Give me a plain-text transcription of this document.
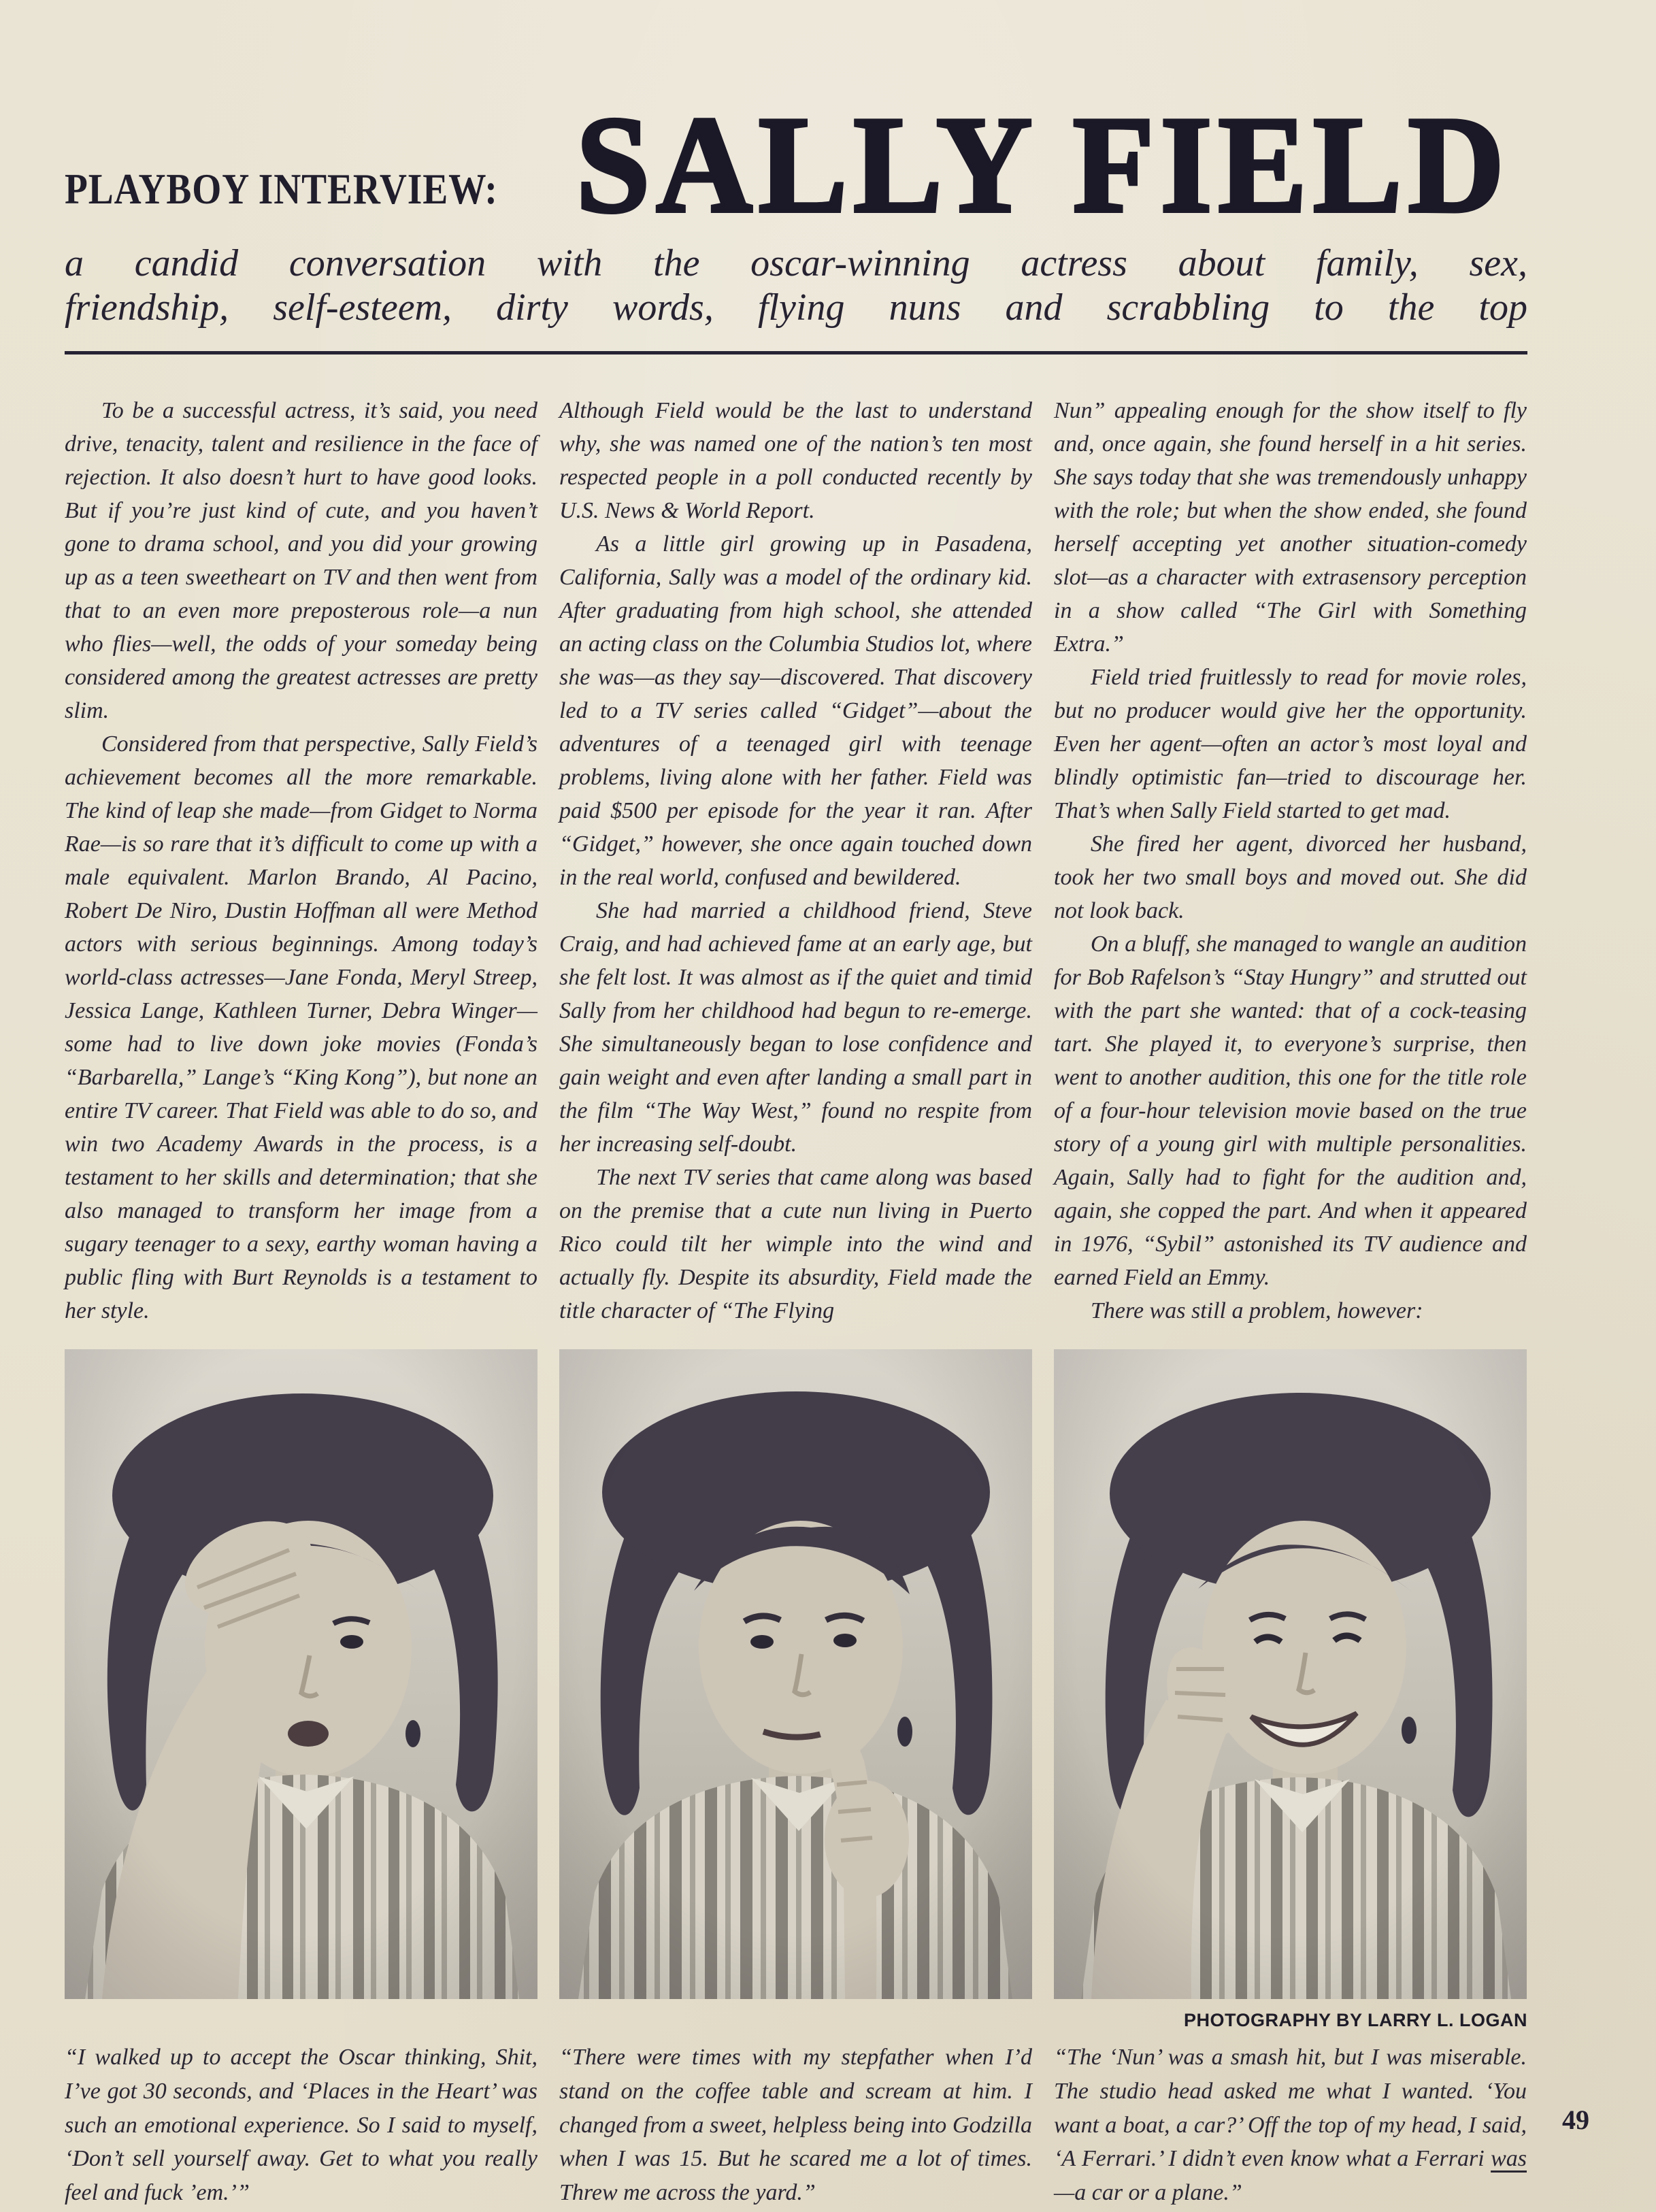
PLAYBOY INTERVIEW: SALLY FIELD
a candid conversation with the oscar-winning actress about family, sex,
friendship, self-esteem, dirty words, flying nuns and scrabbling to the top

To be a successful actress, it’s said, you need drive, tenacity, talent and resilience in the face of rejection. It also doesn’t hurt to have good looks. But if you’re just kind of cute, and you haven’t gone to drama school, and you did your growing up as a teen sweetheart on TV and then went from that to an even more preposterous role—a nun who flies—well, the odds of your someday being considered among the greatest actresses are pretty slim.

Considered from that perspective, Sally Field’s achievement becomes all the more remarkable. The kind of leap she made—from Gidget to Norma Rae—is so rare that it’s difficult to come up with a male equivalent. Marlon Brando, Al Pacino, Robert De Niro, Dustin Hoffman all were Method actors with serious beginnings. Among today’s world-class actresses—Jane Fonda, Meryl Streep, Jessica Lange, Kathleen Turner, Debra Winger—some had to live down joke movies (Fonda’s “Barbarella,” Lange’s “King Kong”), but none an entire TV career. That Field was able to do so, and win two Academy Awards in the process, is a testament to her skills and determination; that she also managed to transform her image from a sugary teenager to a sexy, earthy woman having a public fling with Burt Reynolds is a testament to her style.

Although Field would be the last to understand why, she was named one of the nation’s ten most respected people in a poll conducted recently by U.S. News & World Report.

As a little girl growing up in Pasadena, California, Sally was a model of the ordinary kid. After graduating from high school, she attended an acting class on the Columbia Studios lot, where she was—as they say—discovered. That discovery led to a TV series called “Gidget”—about the adventures of a teenaged girl with teenage problems, living alone with her father. Field was paid $500 per episode for the year it ran. After “Gidget,” however, she once again touched down in the real world, confused and bewildered.

She had married a childhood friend, Steve Craig, and had achieved fame at an early age, but she felt lost. It was almost as if the quiet and timid Sally from her childhood had begun to re-emerge. She simultaneously began to lose confidence and gain weight and even after landing a small part in the film “The Way West,” found no respite from her increasing self-doubt.

The next TV series that came along was based on the premise that a cute nun living in Puerto Rico could tilt her wimple into the wind and actually fly. Despite its absurdity, Field made the title character of “The Flying

Nun” appealing enough for the show itself to fly and, once again, she found herself in a hit series. She says today that she was tremendously unhappy with the role; but when the show ended, she found herself accepting yet another situation-comedy slot—as a character with extrasensory perception in a show called “The Girl with Something Extra.”

Field tried fruitlessly to read for movie roles, but no producer would give her the opportunity. Even her agent—often an actor’s most loyal and blindly optimistic fan—tried to discourage her. That’s when Sally Field started to get mad.

She fired her agent, divorced her husband, took her two small boys and moved out. She did not look back.

On a bluff, she managed to wangle an audition for Bob Rafelson’s “Stay Hungry” and strutted out with the part she wanted: that of a cock-teasing tart. She played it, to everyone’s surprise, then went to another audition, this one for the title role of a four-hour television movie based on the true story of a young girl with multiple personalities. Again, Sally had to fight for the audition and, again, she copped the part. And when it appeared in 1976, “Sybil” astonished its TV audience and earned Field an Emmy.

There was still a problem, however:

PHOTOGRAPHY BY LARRY L. LOGAN
“I walked up to accept the Oscar thinking, Shit, I’ve got 30 seconds, and ‘Places in the Heart’ was such an emotional experience. So I said to myself, ‘Don’t sell yourself away. Get to what you really feel and fuck ’em.’”
“There were times with my stepfather when I’d stand on the coffee table and scream at him. I changed from a sweet, helpless being into Godzilla when I was 15. But he scared me a lot of times. Threw me across the yard.”
“The ‘Nun’ was a smash hit, but I was miserable. The studio head asked me what I wanted. ‘You want a boat, a car?’ Off the top of my head, I said, ‘A Ferrari.’ I didn’t even know what a Ferrari was—a car or a plane.”
49
